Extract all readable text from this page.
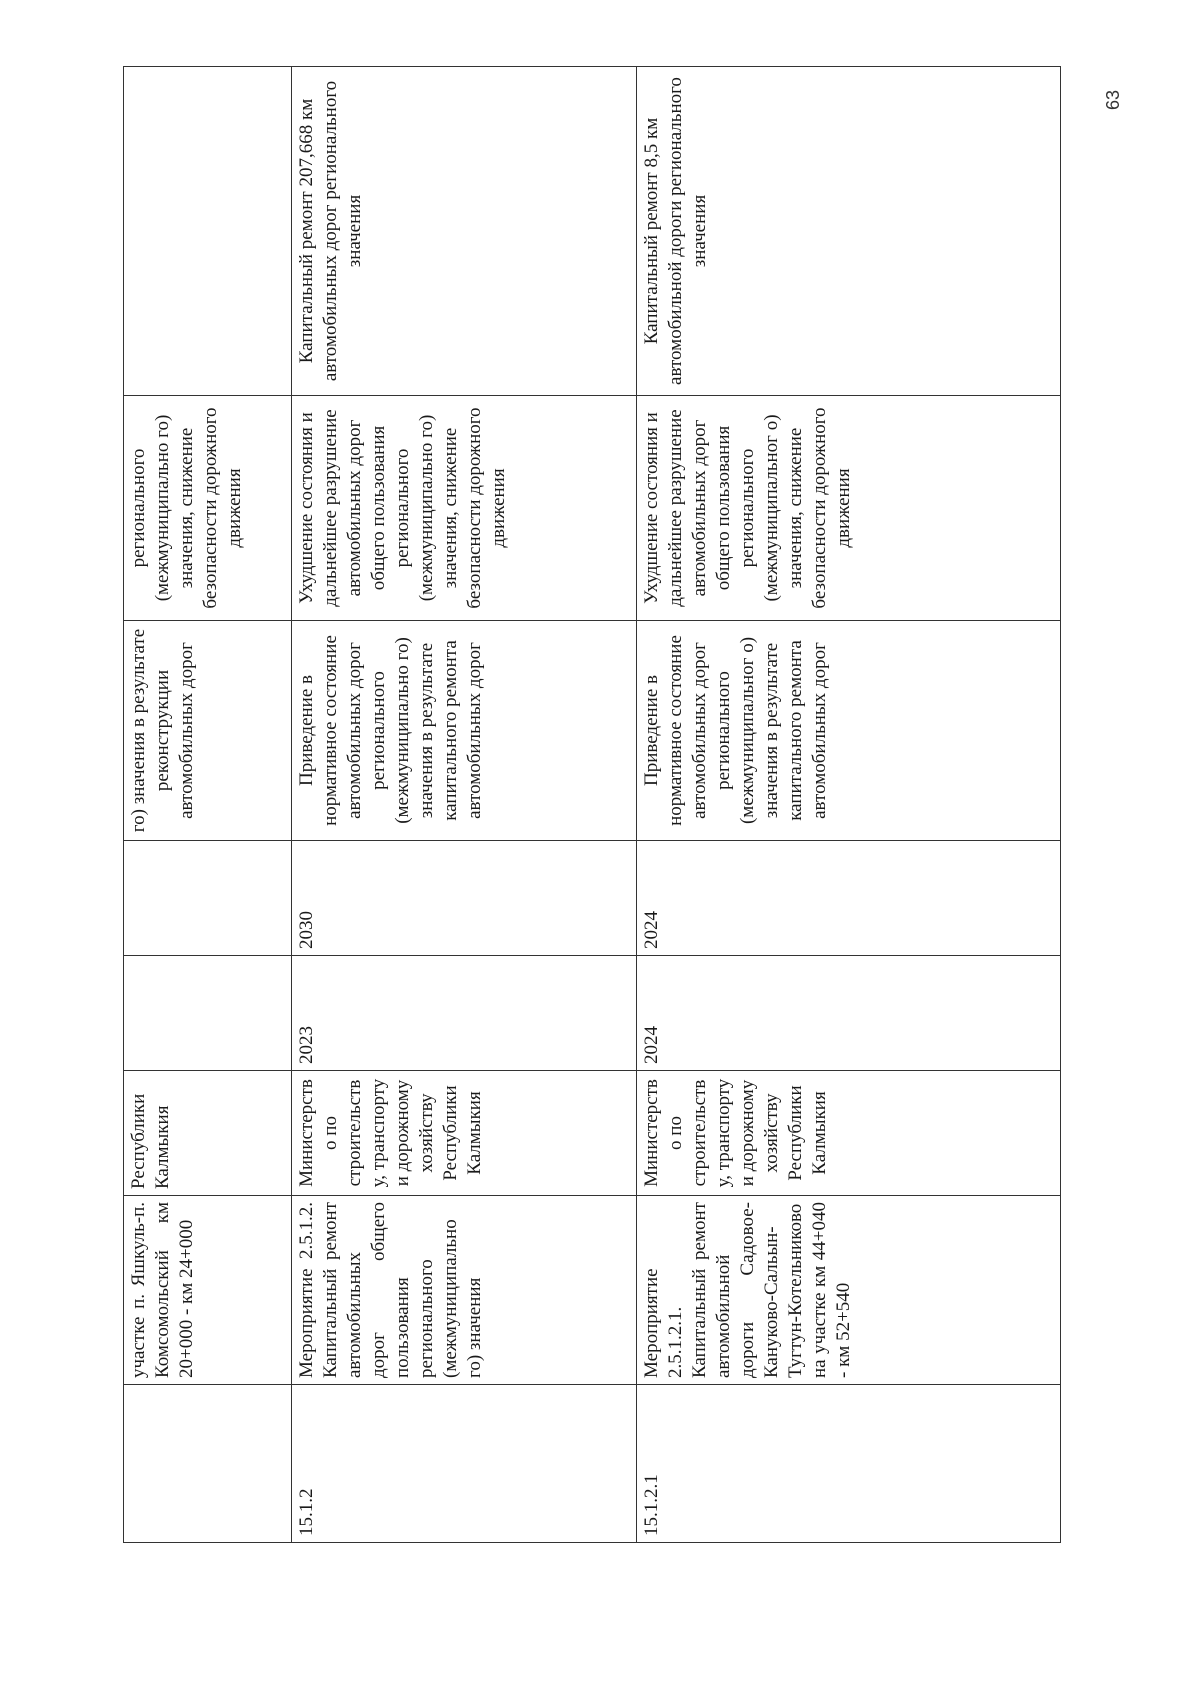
	участке п. Яшкуль-п. Комсомольский км 20+000 - км 24+000	Республики Калмыкия			го) значения в результате реконструкции автомобильных дорог	регионального (межмуниципально го) значения, снижение безопасности дорожного движения	
15.1.2	Мероприятие 2.5.1.2. Капитальный ремонт автомобильных дорог общего пользования регионального (межмуниципально го) значения	Министерств о по строительств у, транспорту и дорожному хозяйству Республики Калмыкия	2023	2030	Приведение в нормативное состояние автомобильных дорог регионального (межмуниципально го) значения в результате капитального ремонта автомобильных дорог	Ухудшение состояния и дальнейшее разрушение автомобильных дорог общего пользования регионального (межмуниципально го) значения, снижение безопасности дорожного движения	Капитальный ремонт 207,668 км автомобильных дорог регионального значения
15.1.2.1	Мероприятие 2.5.1.2.1. Капитальный ремонт автомобильной дороги Садовое-Кануково-Сальын-Тугтун-Котельниково на участке км 44+040 - км 52+540	Министерств о по строительств у, транспорту и дорожному хозяйству Республики Калмыкия	2024	2024	Приведение в нормативное состояние автомобильных дорог регионального (межмуниципальног о) значения в результате капитального ремонта автомобильных дорог	Ухудшение состояния и дальнейшее разрушение автомобильных дорог общего пользования регионального (межмуниципальног о) значения, снижение безопасности дорожного движения	Капитальный ремонт 8,5 км автомобильной дороги регионального значения
63
